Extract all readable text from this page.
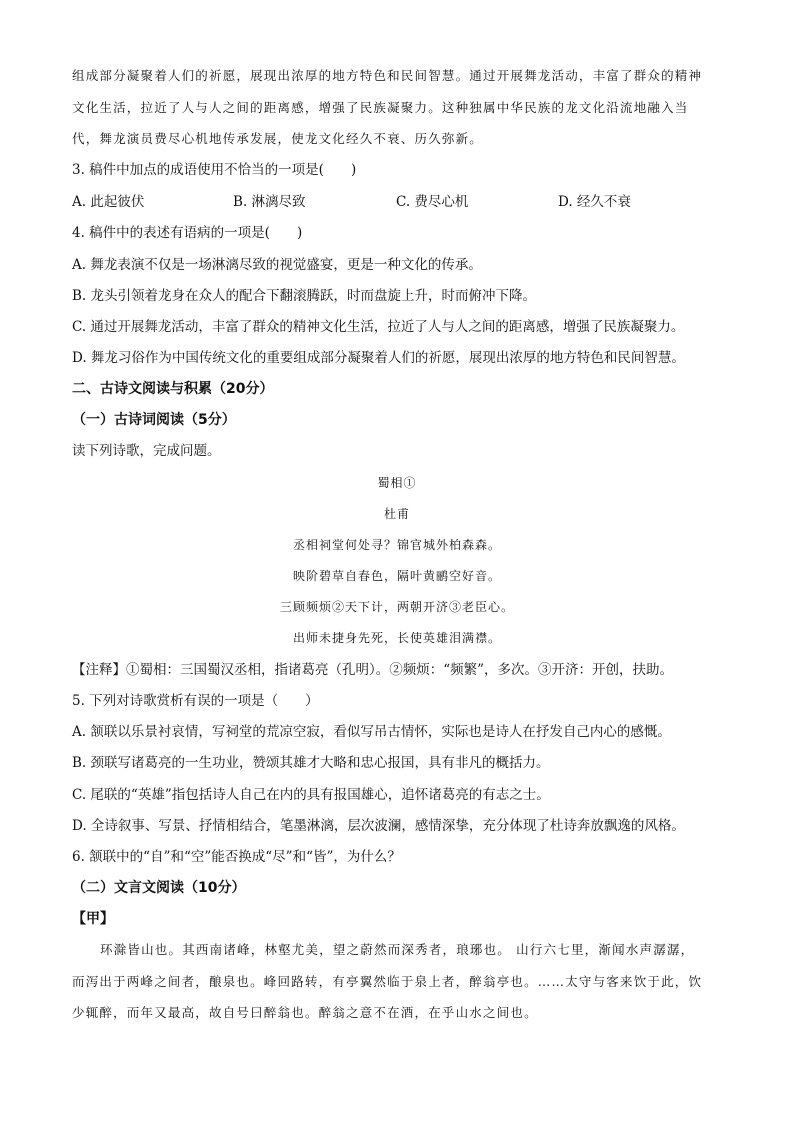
组成部分凝聚着人们的祈愿，展现出浓厚的地方特色和民间智慧。通过开展舞龙活动，丰富了群众的精神
文化生活，拉近了人与人之间的距离感，增强了民族凝聚力。这种独属中华民族的龙文化沿流地融入当
代，舞龙演员费尽心机地传承发展，使龙文化经久不衰、历久弥新。
3. 稿件中加点的成语使用不恰当的一项是(　　)
A. 此起彼伏	B. 淋漓尽致	C. 费尽心机	D. 经久不衰
4. 稿件中的表述有语病的一项是(　　)
A. 舞龙表演不仅是一场淋漓尽致的视觉盛宴，更是一种文化的传承。
B. 龙头引领着龙身在众人的配合下翻滚腾跃，时而盘旋上升，时而俯冲下降。
C. 通过开展舞龙活动，丰富了群众的精神文化生活，拉近了人与人之间的距离感，增强了民族凝聚力。
D. 舞龙习俗作为中国传统文化的重要组成部分凝聚着人们的祈愿，展现出浓厚的地方特色和民间智慧。
二、古诗文阅读与积累（20分）
（一）古诗词阅读（5分）
读下列诗歌，完成问题。
蜀相①
杜甫
丞相祠堂何处寻？锦官城外柏森森。
映阶碧草自春色，隔叶黄鹂空好音。
三顾频烦②天下计，两朝开济③老臣心。
出师未捷身先死，长使英雄泪满襟。
【注释】①蜀相：三国蜀汉丞相，指诸葛亮（孔明）。②频烦：“频繁”，多次。③开济：开创，扶助。
5. 下列对诗歌赏析有误的一项是（　　）
A. 颔联以乐景衬哀情，写祠堂的荒凉空寂，看似写吊古情怀，实际也是诗人在抒发自己内心的感慨。
B. 颈联写诸葛亮的一生功业，赞颂其雄才大略和忠心报国，具有非凡的概括力。
C. 尾联的“英雄”指包括诗人自己在内的具有报国雄心，追怀诸葛亮的有志之士。
D. 全诗叙事、写景、抒情相结合，笔墨淋漓，层次波澜，感情深挚，充分体现了杜诗奔放飘逸的风格。
6. 颔联中的“自”和“空”能否换成“尽”和“皆”，为什么？
（二）文言文阅读（10分）
【甲】
环滁皆山也。其西南诸峰，林壑尤美，望之蔚然而深秀者，琅琊也。 山行六七里，渐闻水声潺潺，
而泻出于两峰之间者，酿泉也。峰回路转，有亭翼然临于泉上者，醉翁亭也。……太守与客来饮于此，饮
少辄醉，而年又最高，故自号曰醉翁也。醉翁之意不在酒，在乎山水之间也。
